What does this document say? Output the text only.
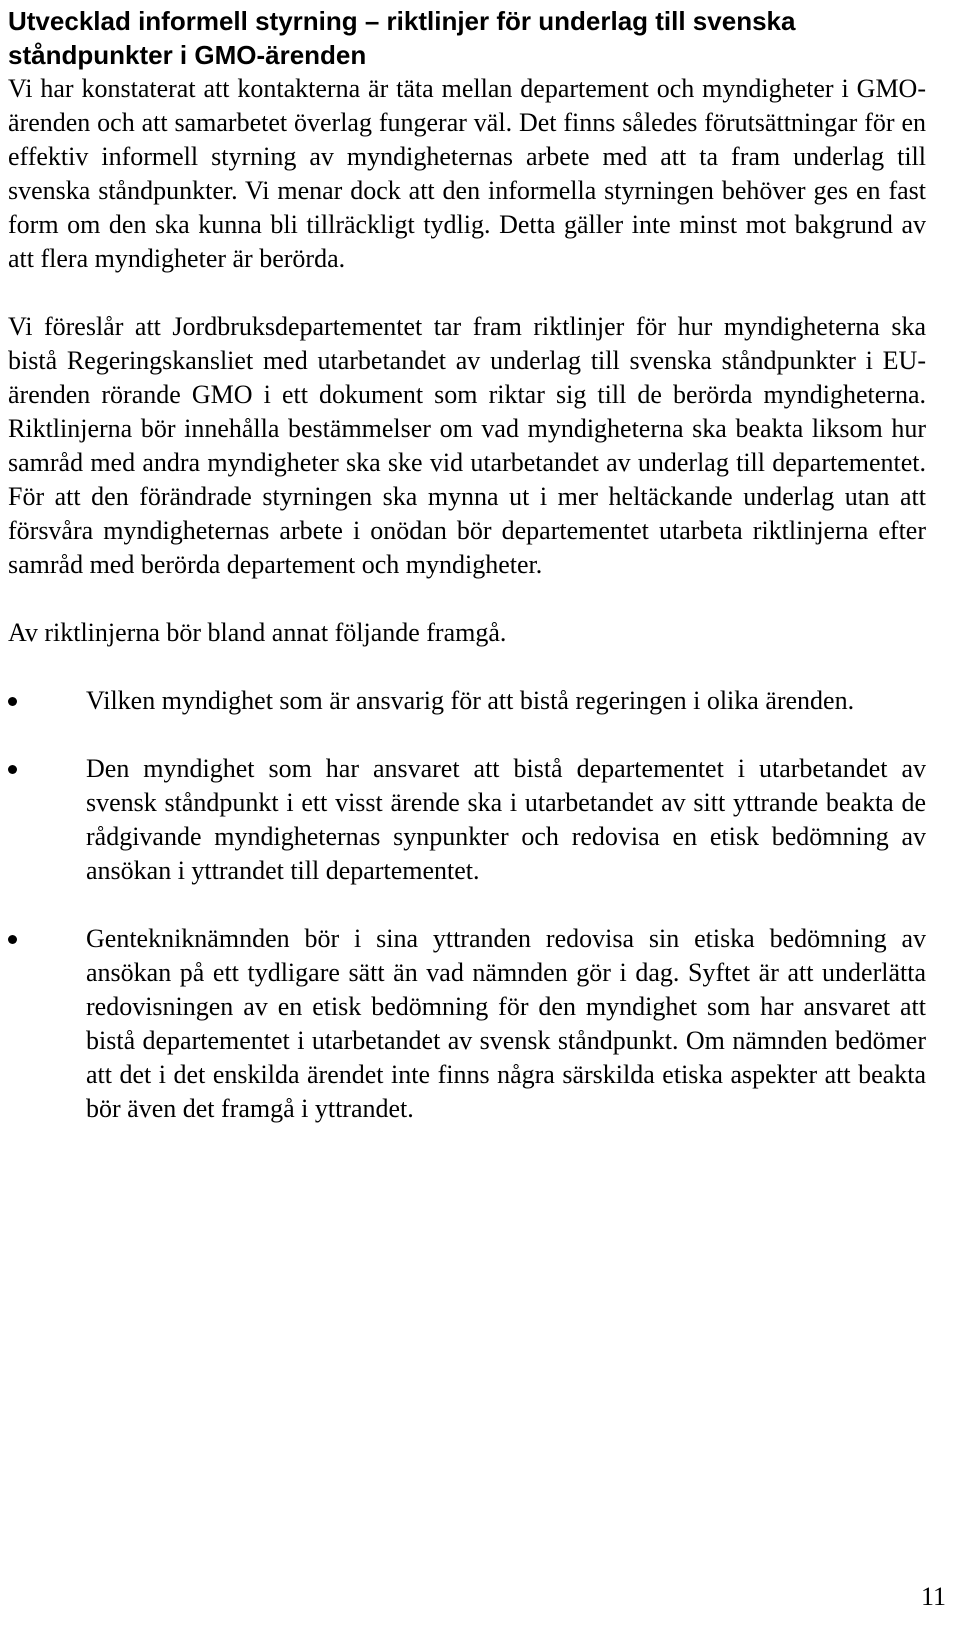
Utvecklad informell styrning – riktlinjer för underlag till svenska ståndpunkter i GMO-ärenden

Vi har konstaterat att kontakterna är täta mellan departement och myndigheter i GMO-ärenden och att samarbetet överlag fungerar väl. Det finns således förutsättningar för en effektiv informell styrning av myndigheternas arbete med att ta fram underlag till svenska ståndpunkter. Vi menar dock att den informella styrningen behöver ges en fast form om den ska kunna bli tillräckligt tydlig. Detta gäller inte minst mot bakgrund av att flera myndigheter är berörda.

Vi föreslår att Jordbruksdepartementet tar fram riktlinjer för hur myndigheterna ska bistå Regeringskansliet med utarbetandet av underlag till svenska ståndpunkter i EU-ärenden rörande GMO i ett dokument som riktar sig till de berörda myndigheterna. Riktlinjerna bör innehålla bestämmelser om vad myndigheterna ska beakta liksom hur samråd med andra myndigheter ska ske vid utarbetandet av underlag till departementet. För att den förändrade styrningen ska mynna ut i mer heltäckande underlag utan att försvåra myndigheternas arbete i onödan bör departementet utarbeta riktlinjerna efter samråd med berörda departement och myndigheter.

Av riktlinjerna bör bland annat följande framgå.

Vilken myndighet som är ansvarig för att bistå regeringen i olika ärenden.
Den myndighet som har ansvaret att bistå departementet i utarbetandet av svensk ståndpunkt i ett visst ärende ska i utarbetandet av sitt yttrande beakta de rådgivande myndigheternas synpunkter och redovisa en etisk bedömning av ansökan i yttrandet till departementet.
Gentekniknämnden bör i sina yttranden redovisa sin etiska bedömning av ansökan på ett tydligare sätt än vad nämnden gör i dag. Syftet är att underlätta redovisningen av en etisk bedömning för den myndighet som har ansvaret att bistå departementet i utarbetandet av svensk ståndpunkt. Om nämnden bedömer att det i det enskilda ärendet inte finns några särskilda etiska aspekter att beakta bör även det framgå i yttrandet.
11
